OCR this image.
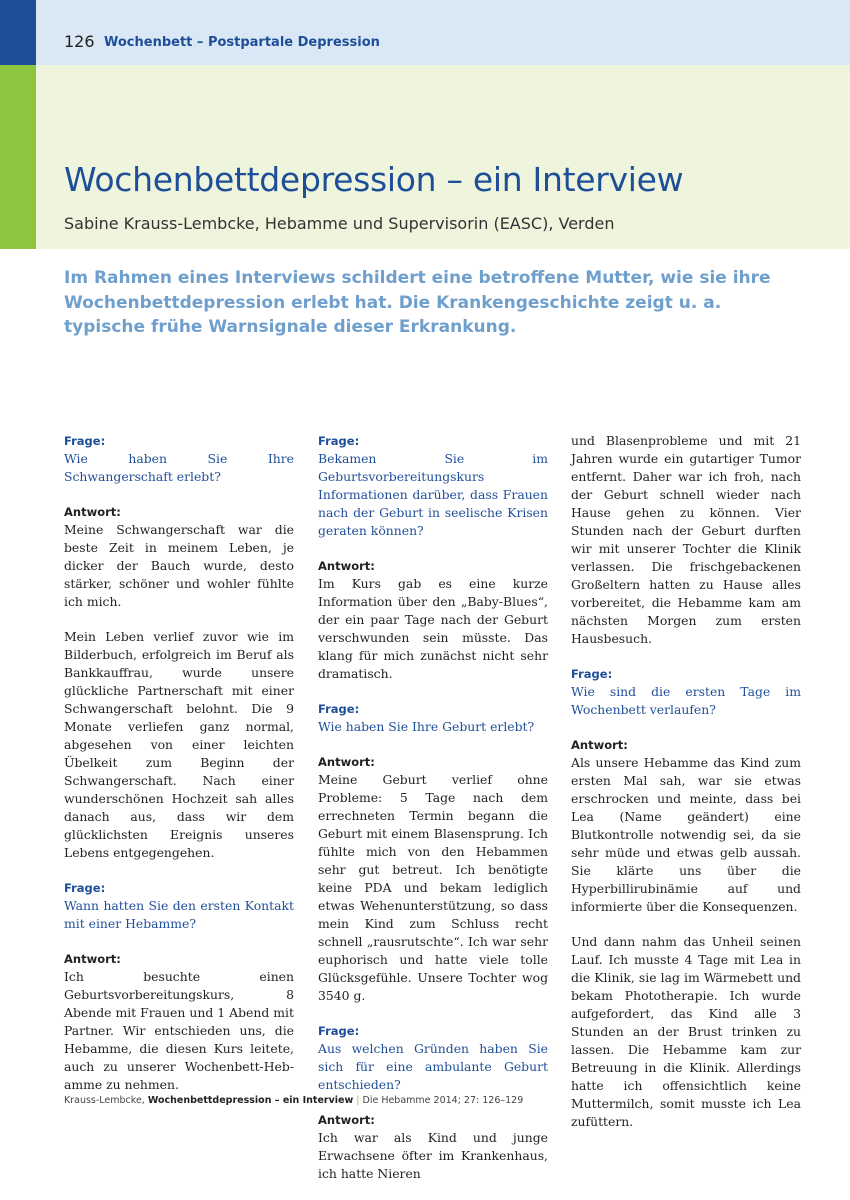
126 Wochenbett – Postpartale Depression
Wochenbettdepression – ein Interview
Sabine Krauss-Lembcke, Hebamme und Supervisorin (EASC), Verden

Im Rahmen eines Interviews schildert eine betroffene Mutter, wie sie ihre Wochenbettdepression erlebt hat. Die Krankengeschichte zeigt u. a. typische frühe Warnsignale dieser Erkrankung.

Frage:
Wie haben Sie Ihre Schwangerschaft erlebt?

Antwort:
Meine Schwangerschaft war die beste Zeit in meinem Leben, je dicker der Bauch wurde, desto stärker, schöner und wohler fühlte ich mich.

Mein Leben verlief zuvor wie im Bilderbuch, erfolgreich im Beruf als Bankkauffrau, wurde unsere glückliche Partnerschaft mit einer Schwangerschaft belohnt. Die 9 Monate verliefen ganz normal, abgesehen von einer leichten Übelkeit zum Beginn der Schwangerschaft. Nach einer wunderschönen Hochzeit sah alles danach aus, dass wir dem glücklichsten Ereignis unseres Lebens entgegengehen.

Frage:
Wann hatten Sie den ersten Kontakt mit einer Hebamme?

Antwort:
Ich besuchte einen Geburtsvorbereitungskurs, 8 Abende mit Frauen und 1 Abend mit Partner. Wir entschieden uns, die Hebamme, die diesen Kurs leitete, auch zu unserer Wochenbett-Hebamme zu nehmen.

Frage:
Bekamen Sie im Geburtsvorbereitungskurs Informationen darüber, dass Frauen nach der Geburt in seelische Krisen geraten können?

Antwort:
Im Kurs gab es eine kurze Information über den „Baby-Blues“, der ein paar Tage nach der Geburt verschwunden sein müsste. Das klang für mich zunächst nicht sehr dramatisch.

Frage:
Wie haben Sie Ihre Geburt erlebt?

Antwort:
Meine Geburt verlief ohne Probleme: 5 Tage nach dem errechneten Termin begann die Geburt mit einem Blasensprung. Ich fühlte mich von den Hebammen sehr gut betreut. Ich benötigte keine PDA und bekam lediglich etwas Wehenunterstützung, so dass mein Kind zum Schluss recht schnell „rausrutschte“. Ich war sehr euphorisch und hatte viele tolle Glücksgefühle. Unsere Tochter wog 3540 g.

Frage:
Aus welchen Gründen haben Sie sich für eine ambulante Geburt entschieden?

Antwort:
Ich war als Kind und junge Erwachsene öfter im Krankenhaus, ich hatte Nieren

und Blasenprobleme und mit 21 Jahren wurde ein gutartiger Tumor entfernt. Daher war ich froh, nach der Geburt schnell wieder nach Hause gehen zu können. Vier Stunden nach der Geburt durften wir mit unserer Tochter die Klinik verlassen. Die frischgebackenen Großeltern hatten zu Hause alles vorbereitet, die Hebamme kam am nächsten Morgen zum ersten Hausbesuch.

Frage:
Wie sind die ersten Tage im Wochenbett verlaufen?

Antwort:
Als unsere Hebamme das Kind zum ersten Mal sah, war sie etwas erschrocken und meinte, dass bei Lea (Name geändert) eine Blutkontrolle notwendig sei, da sie sehr müde und etwas gelb aussah. Sie klärte uns über die Hyperbillirubinämie auf und informierte über die Konsequenzen.

Und dann nahm das Unheil seinen Lauf. Ich musste 4 Tage mit Lea in die Klinik, sie lag im Wärmebett und bekam Phototherapie. Ich wurde aufgefordert, das Kind alle 3 Stunden an der Brust trinken zu lassen. Die Hebamme kam zur Betreuung in die Klinik. Allerdings hatte ich offensichtlich keine Muttermilch, somit musste ich Lea zufüttern.

Krauss-Lembcke, Wochenbettdepression – ein Interview | Die Hebamme 2014; 27: 126–129
